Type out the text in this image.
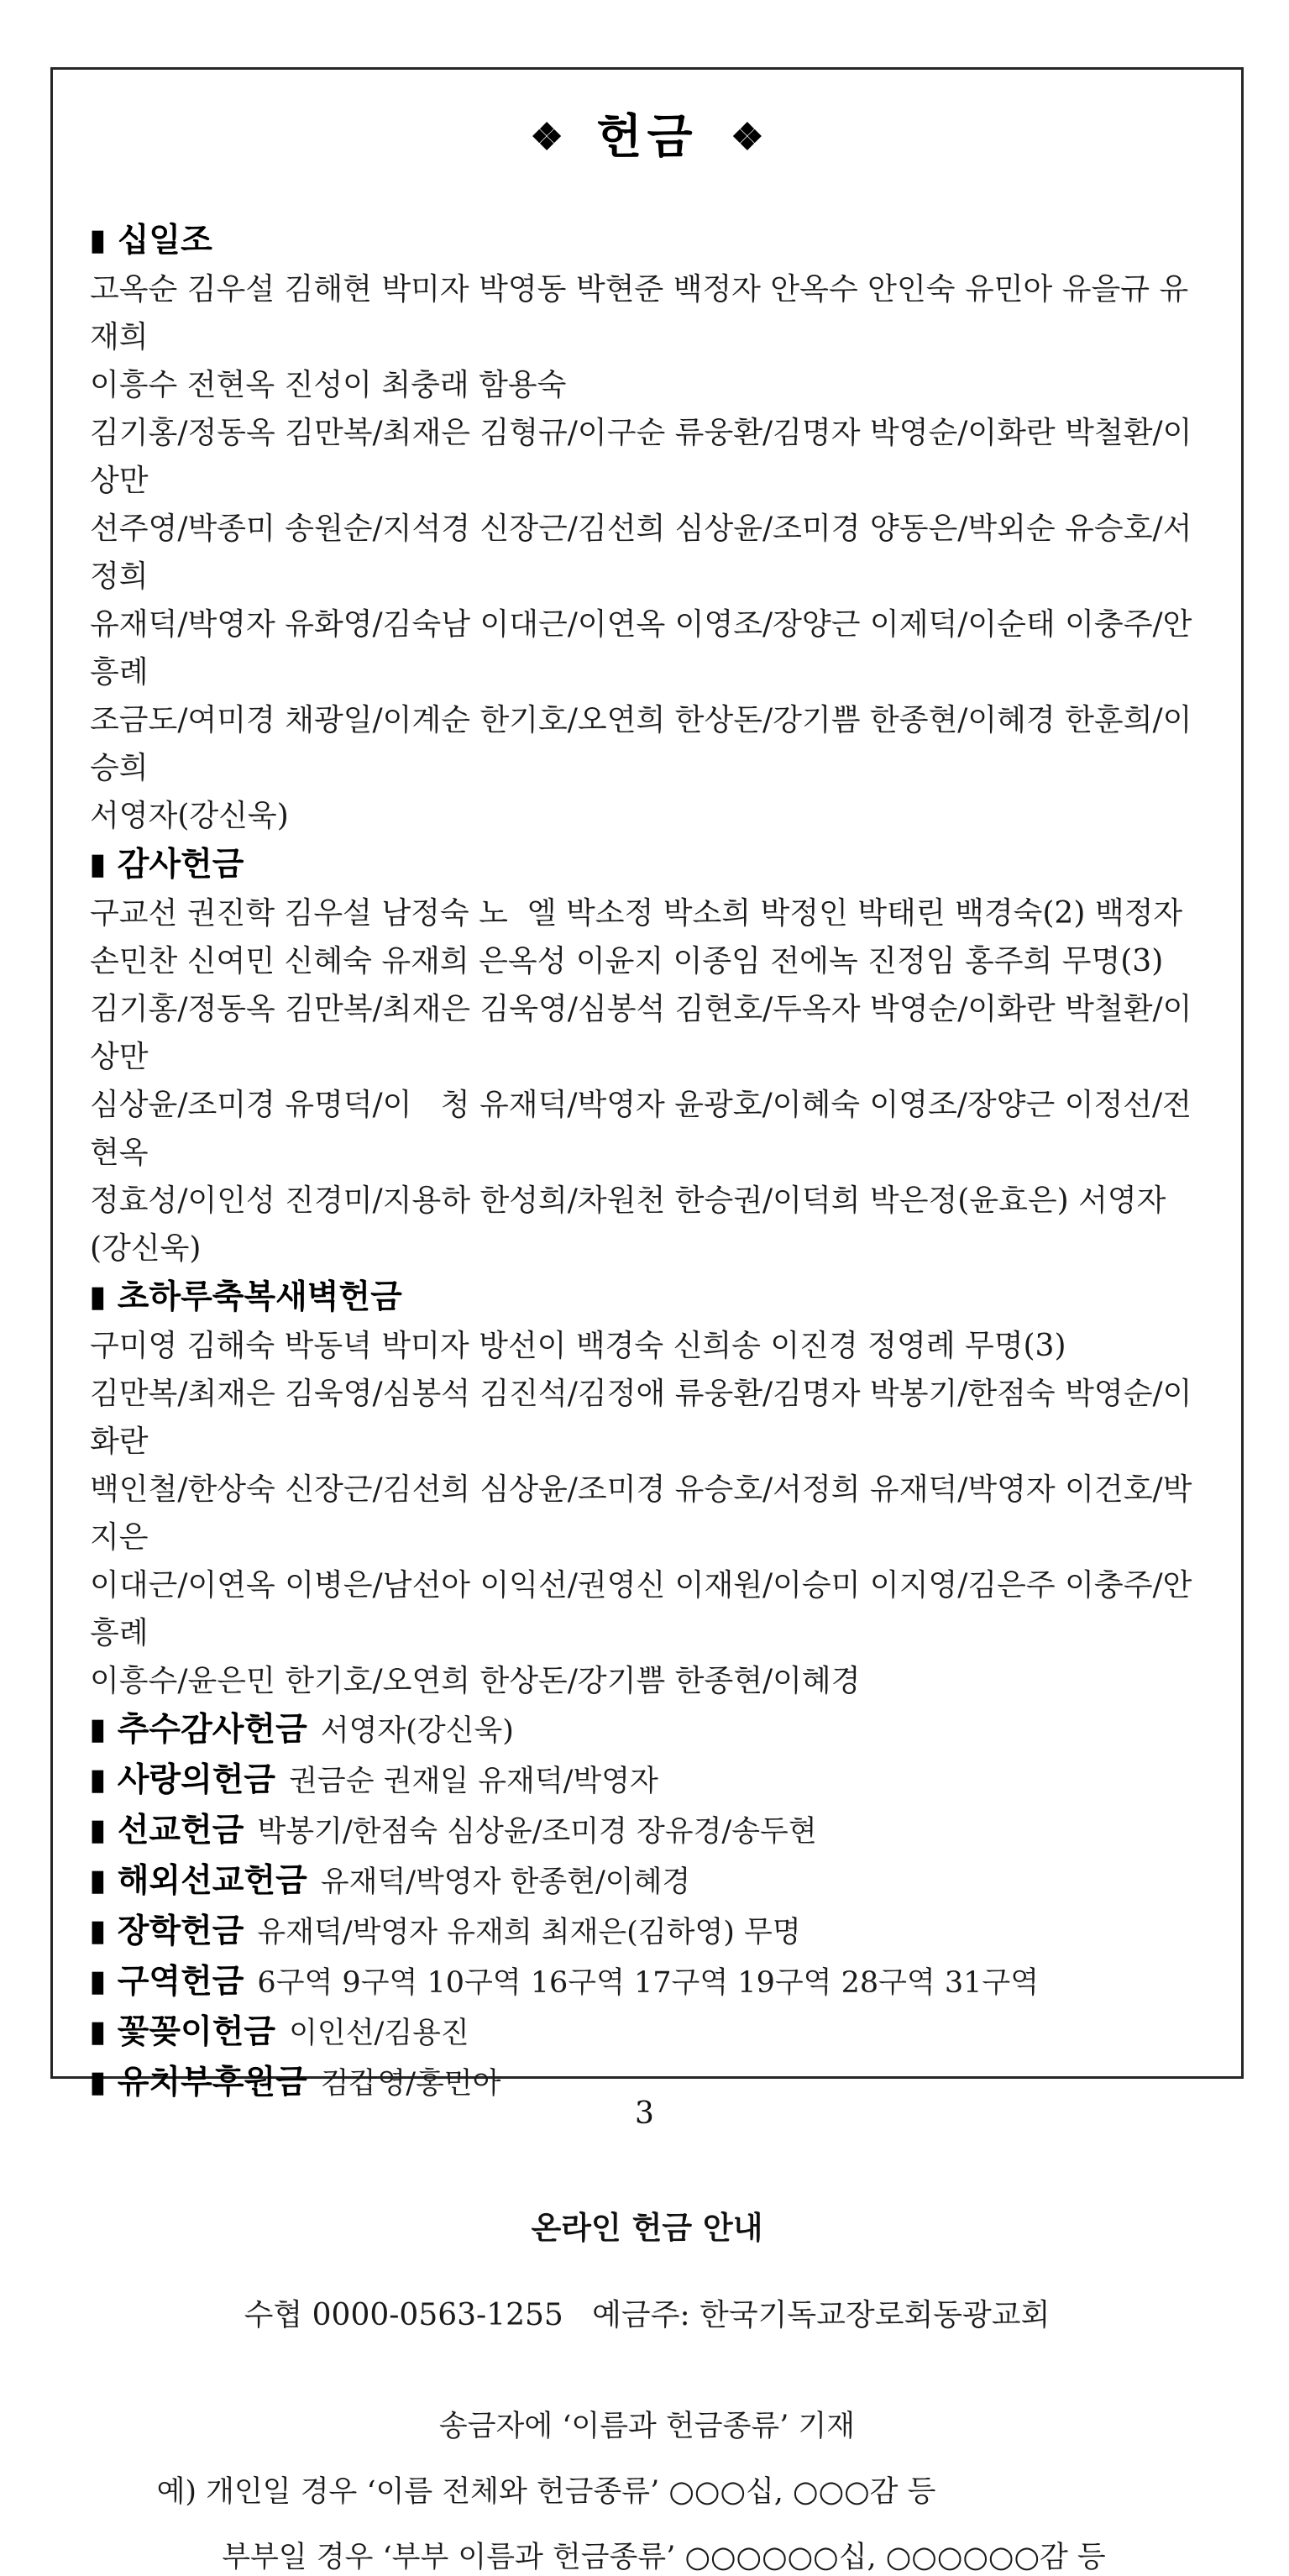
❖ 헌금 ❖
▮ 십일조
고옥순 김우설 김해현 박미자 박영동 박현준 백정자 안옥수 안인숙 유민아 유을규 유재희
이흥수 전현옥 진성이 최충래 함용숙
김기홍/정동옥 김만복/최재은 김형규/이구순 류웅환/김명자 박영순/이화란 박철환/이상만
선주영/박종미 송원순/지석경 신장근/김선희 심상윤/조미경 양동은/박외순 유승호/서정희
유재덕/박영자 유화영/김숙남 이대근/이연옥 이영조/장양근 이제덕/이순태 이충주/안흥례
조금도/여미경 채광일/이계순 한기호/오연희 한상돈/강기쁨 한종현/이혜경 한훈희/이승희
서영자(강신욱)
▮ 감사헌금
구교선 권진학 김우설 남정숙 노  엘 박소정 박소희 박정인 박태린 백경숙(2) 백정자
손민찬 신여민 신혜숙 유재희 은옥성 이윤지 이종임 전에녹 진정임 홍주희 무명(3)
김기홍/정동옥 김만복/최재은 김욱영/심봉석 김현호/두옥자 박영순/이화란 박철환/이상만
심상윤/조미경 유명덕/이   청 유재덕/박영자 윤광호/이혜숙 이영조/장양근 이정선/전현옥
정효성/이인성 진경미/지용하 한성희/차원천 한승권/이덕희 박은정(윤효은) 서영자(강신욱)
▮ 초하루축복새벽헌금
구미영 김해숙 박동녁 박미자 방선이 백경숙 신희송 이진경 정영례 무명(3)
김만복/최재은 김욱영/심봉석 김진석/김정애 류웅환/김명자 박봉기/한점숙 박영순/이화란
백인철/한상숙 신장근/김선희 심상윤/조미경 유승호/서정희 유재덕/박영자 이건호/박지은
이대근/이연옥 이병은/남선아 이익선/권영신 이재원/이승미 이지영/김은주 이충주/안흥례
이흥수/윤은민 한기호/오연희 한상돈/강기쁨 한종현/이혜경
▮ 추수감사헌금 서영자(강신욱)
▮ 사랑의헌금 권금순 권재일 유재덕/박영자
▮ 선교헌금 박봉기/한점숙 심상윤/조미경 장유경/송두현
▮ 해외선교헌금 유재덕/박영자 한종현/이혜경
▮ 장학헌금 유재덕/박영자 유재희 최재은(김하영) 무명
▮ 구역헌금 6구역 9구역 10구역 16구역 17구역 19구역 28구역 31구역
▮ 꽃꽂이헌금 이인선/김용진
▮ 유치부후원금 김갑영/홍민아
온라인 헌금 안내
수협 0000-0563-1255   예금주: 한국기독교장로회동광교회
송금자에 ‘이름과 헌금종류’ 기재
예) 개인일 경우 ‘이름 전체와 헌금종류’ ○○○십, ○○○감 등
부부일 경우 ‘부부 이름과 헌금종류’ ○○○○○○십, ○○○○○○감 등
3
